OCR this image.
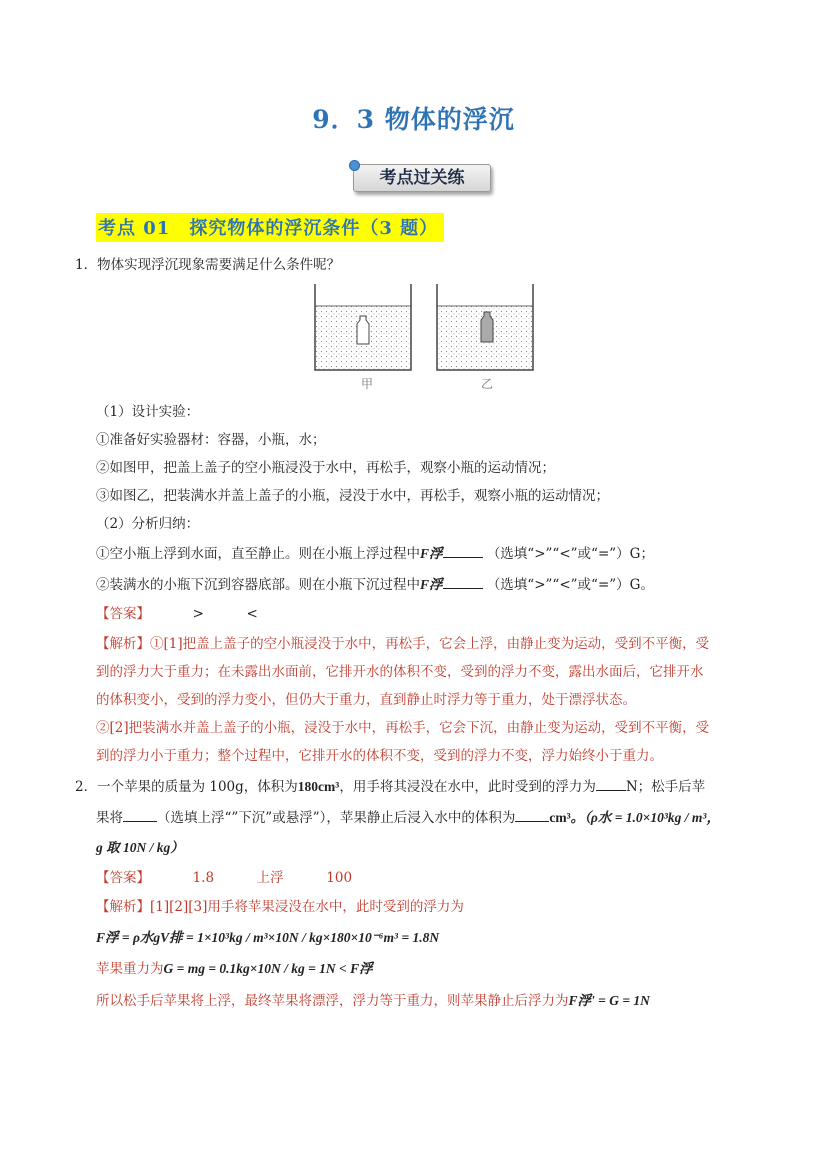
9．3 物体的浮沉
考点过关练
考点 01　探究物体的浮沉条件（3 题）
1．物体实现浮沉现象需要满足什么条件呢？
甲	乙
（1）设计实验：
①准备好实验器材：容器，小瓶，水；
②如图甲，把盖上盖子的空小瓶浸没于水中，再松手，观察小瓶的运动情况；
③如图乙，把装满水并盖上盖子的小瓶，浸没于水中，再松手，观察小瓶的运动情况；
（2）分析归纳：
①空小瓶上浮到水面，直至静止。则在小瓶上浮过程中F浮	（选填“>”“<”或“=”）G；
②装满水的小瓶下沉到容器底部。则在小瓶下沉过程中F浮	（选填“>”“<”或“=”）G。
【答案】	>	<
【解析】①[1]把盖上盖子的空小瓶浸没于水中，再松手，它会上浮，由静止变为运动，受到不平衡，受
到的浮力大于重力；在未露出水面前，它排开水的体积不变，受到的浮力不变，露出水面后，它排开水
的体积变小，受到的浮力变小，但仍大于重力，直到静止时浮力等于重力，处于漂浮状态。
②[2]把装满水并盖上盖子的小瓶，浸没于水中，再松手，它会下沉，由静止变为运动，受到不平衡，受
到的浮力小于重力；整个过程中，它排开水的体积不变，受到的浮力不变，浮力始终小于重力。
2．一个苹果的质量为 100g，体积为180cm³，用手将其浸没在水中，此时受到的浮力为 N；松手后苹
果将	（选填上浮“”下沉”或悬浮”），苹果静止后浸入水中的体积为	cm³。（ρ水 = 1.0×10³kg / m³，
g 取 10N / kg）
【答案】	1.8	上浮	100
【解析】[1][2][3]用手将苹果浸没在水中，此时受到的浮力为
F浮 = ρ水gV排 = 1×10³kg / m³×10N / kg×180×10⁻⁶m³ = 1.8N
苹果重力为G = mg = 0.1kg×10N / kg = 1N < F浮
所以松手后苹果将上浮，最终苹果将漂浮，浮力等于重力，则苹果静止后浮力为F浮' = G = 1N
